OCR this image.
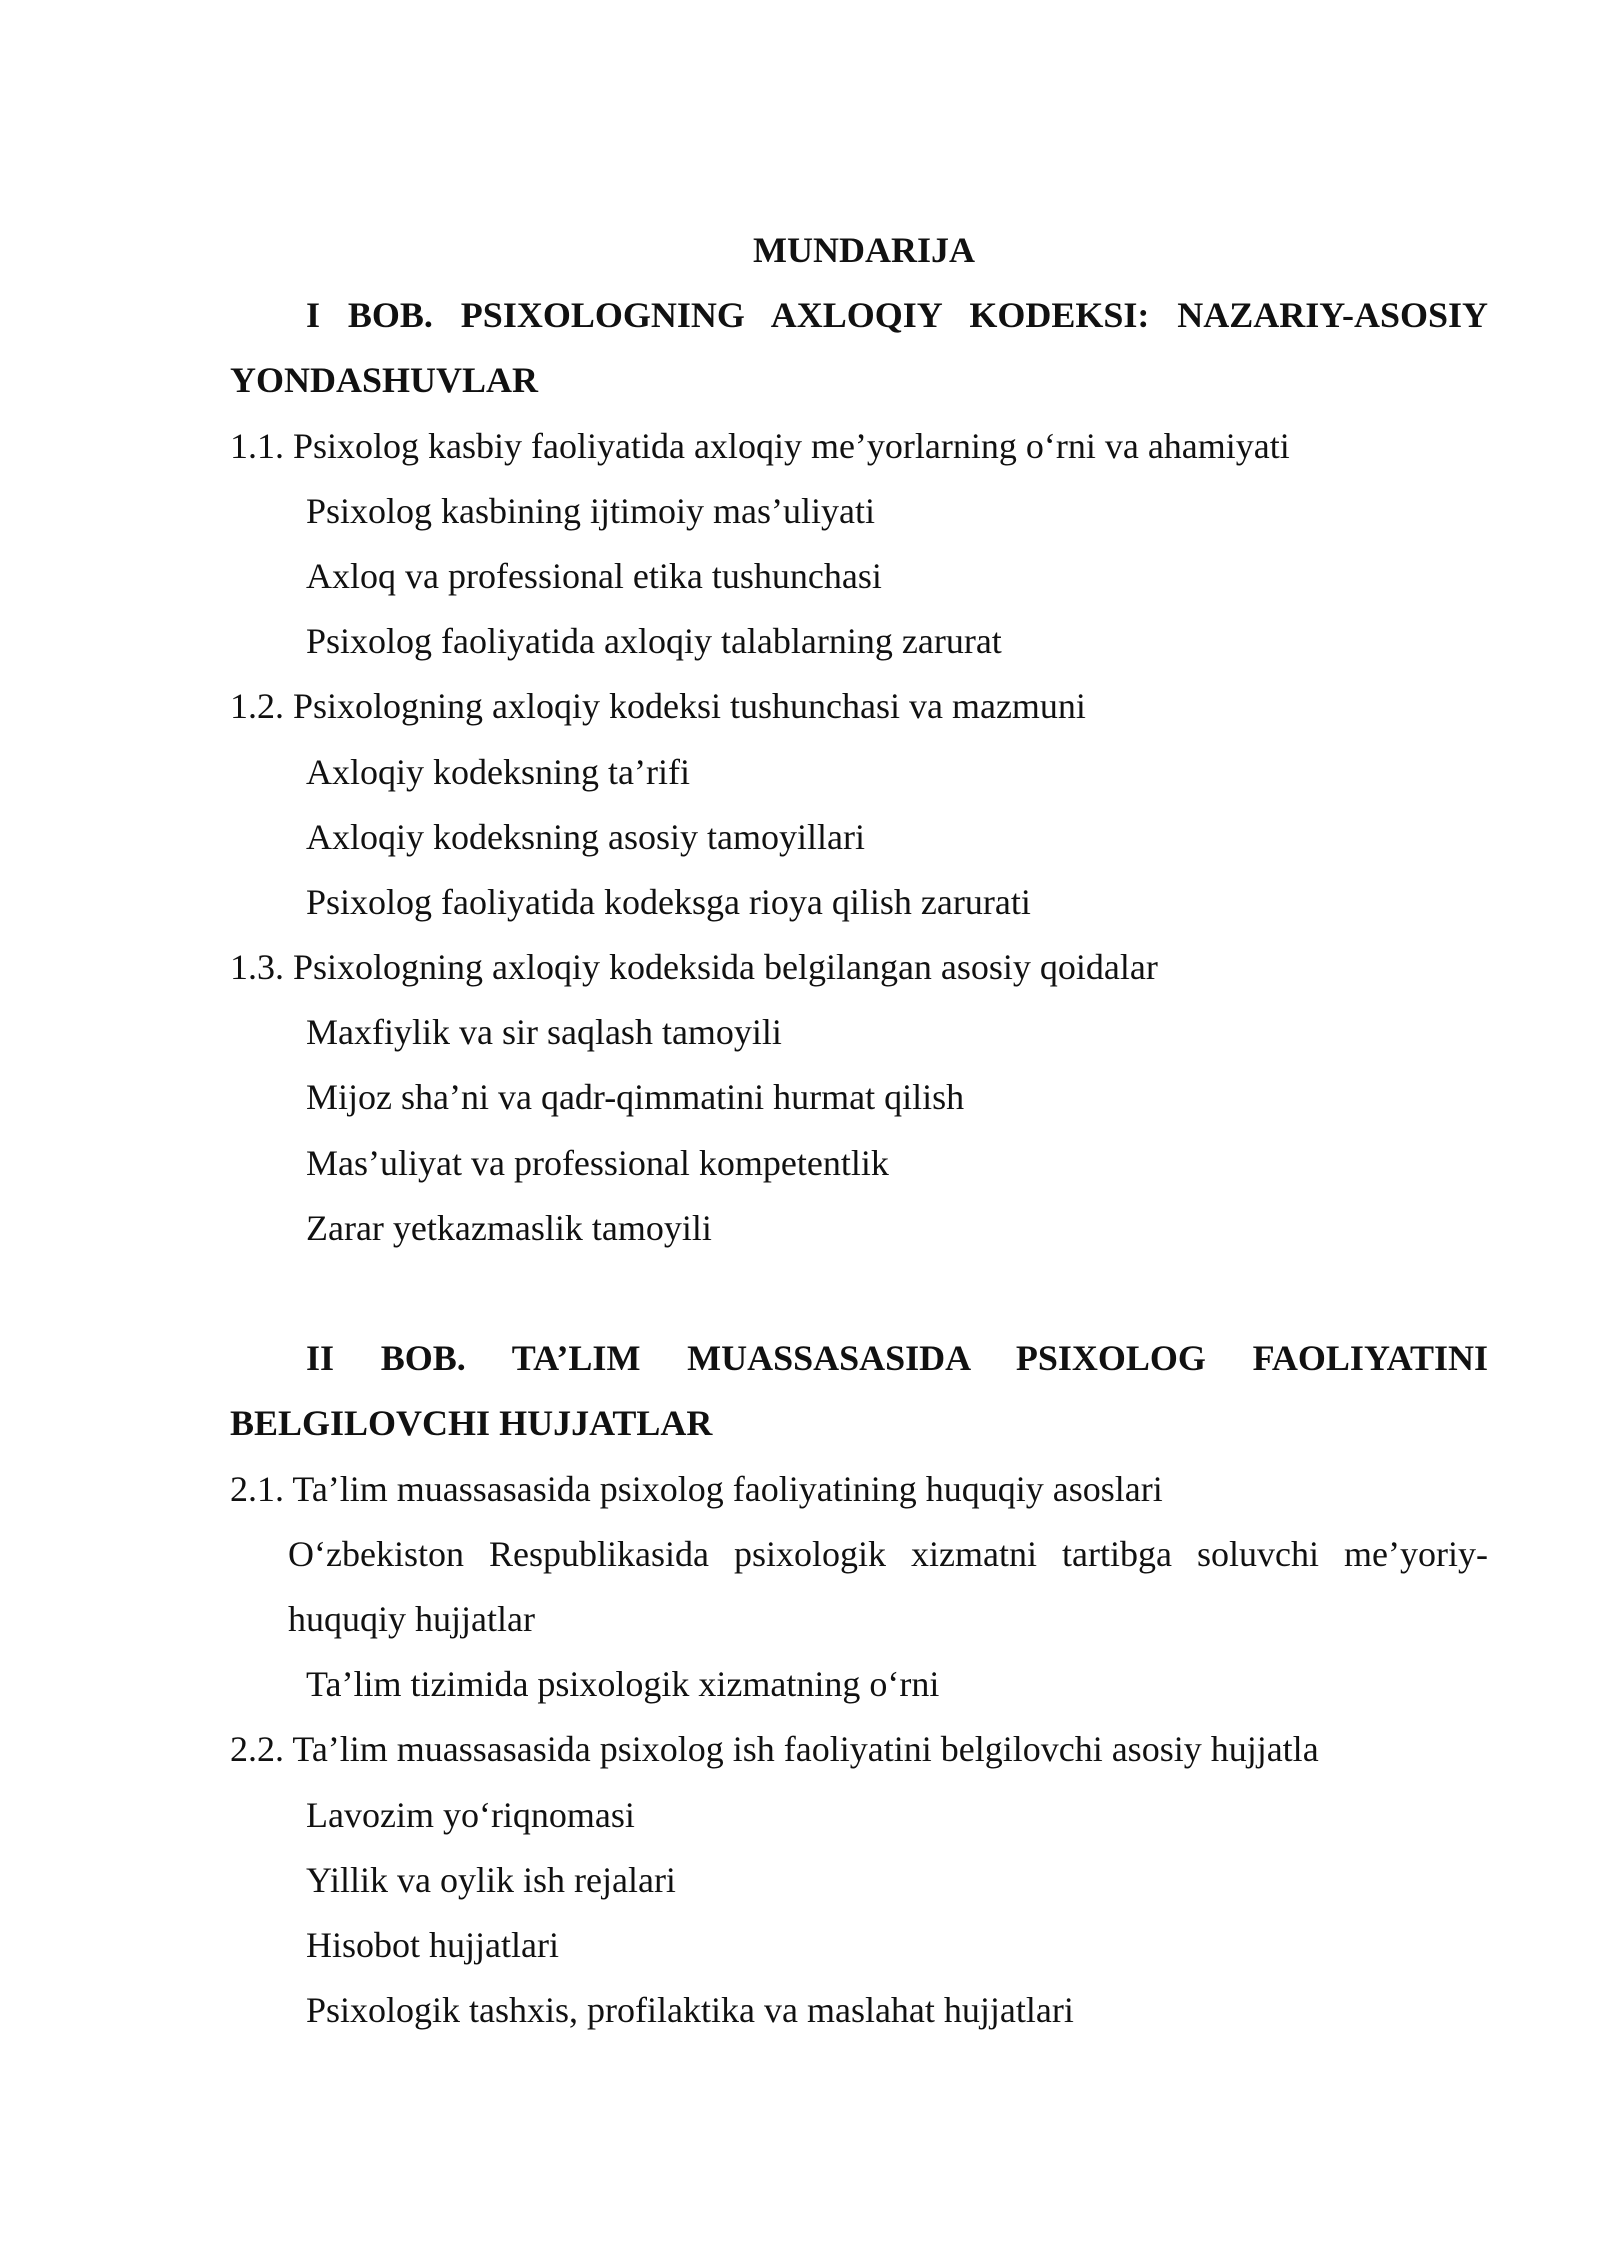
MUNDARIJA
I BOB. PSIXOLOGNING AXLOQIY KODEKSI: NAZARIY-ASOSIY
YONDASHUVLAR
1.1. Psixolog kasbiy faoliyatida axloqiy me’yorlarning o‘rni va ahamiyati
Psixolog kasbining ijtimoiy mas’uliyati
Axloq va professional etika tushunchasi
Psixolog faoliyatida axloqiy talablarning zarurat
1.2. Psixologning axloqiy kodeksi tushunchasi va mazmuni
Axloqiy kodeksning ta’rifi
Axloqiy kodeksning asosiy tamoyillari
Psixolog faoliyatida kodeksga rioya qilish zarurati
1.3. Psixologning axloqiy kodeksida belgilangan asosiy qoidalar
Maxfiylik va sir saqlash tamoyili
Mijoz sha’ni va qadr-qimmatini hurmat qilish
Mas’uliyat va professional kompetentlik
Zarar yetkazmaslik tamoyili
II BOB. TA’LIM MUASSASASIDA PSIXOLOG FAOLIYATINI
BELGILOVCHI HUJJATLAR
2.1. Ta’lim muassasasida psixolog faoliyatining huquqiy asoslari
O‘zbekiston Respublikasida psixologik xizmatni tartibga soluvchi me’yoriy-
huquqiy hujjatlar
Ta’lim tizimida psixologik xizmatning o‘rni
2.2. Ta’lim muassasasida psixolog ish faoliyatini belgilovchi asosiy hujjatla
Lavozim yo‘riqnomasi
Yillik va oylik ish rejalari
Hisobot hujjatlari
Psixologik tashxis, profilaktika va maslahat hujjatlari
